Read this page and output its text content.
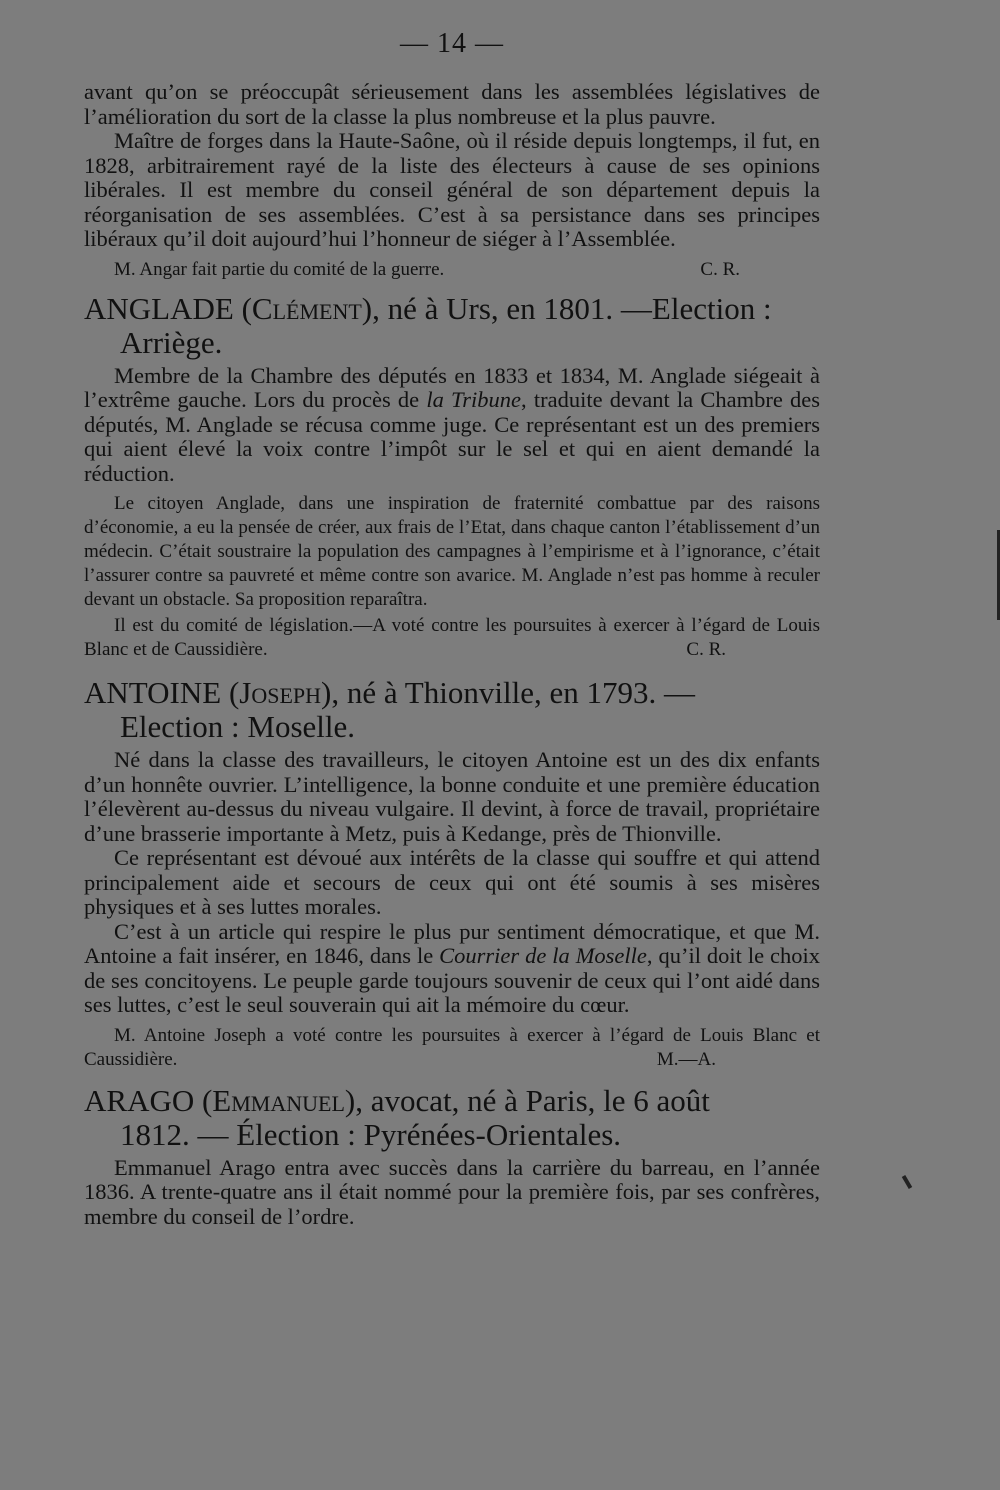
— 14 —

avant qu’on se préoccupât sérieusement dans les assemblées législatives de l’amélioration du sort de la classe la plus nombreuse et la plus pauvre.

Maître de forges dans la Haute-Saône, où il réside depuis longtemps, il fut, en 1828, arbitrairement rayé de la liste des électeurs à cause de ses opinions libérales. Il est membre du conseil général de son département depuis la réorganisation de ses assemblées. C’est à sa persistance dans ses principes libéraux qu’il doit aujourd’hui l’honneur de siéger à l’Assemblée.

M. Angar fait partie du comité de la guerre.	C. R.
ANGLADE (Clément), né à Urs, en 1801. —Election :
Arriège.

Membre de la Chambre des députés en 1833 et 1834, M. Anglade siégeait à l’extrême gauche. Lors du procès de la Tribune, traduite devant la Chambre des députés, M. Anglade se récusa comme juge. Ce représentant est un des premiers qui aient élevé la voix contre l’impôt sur le sel et qui en aient demandé la réduction.

Le citoyen Anglade, dans une inspiration de fraternité combattue par des raisons d’économie, a eu la pensée de créer, aux frais de l’Etat, dans chaque canton l’établissement d’un médecin. C’était soustraire la population des campagnes à l’empirisme et à l’ignorance, c’était l’assurer contre sa pauvreté et même contre son avarice. M. Anglade n’est pas homme à reculer devant un obstacle. Sa proposition reparaîtra.

Il est du comité de législation.—A voté contre les poursuites à exercer à l’égard de Louis Blanc et de Caussidière.	C. R.
ANTOINE (Joseph), né à Thionville, en 1793. —
Election : Moselle.

Né dans la classe des travailleurs, le citoyen Antoine est un des dix enfants d’un honnête ouvrier. L’intelligence, la bonne conduite et une première éducation l’élevèrent au-dessus du niveau vulgaire. Il devint, à force de travail, propriétaire d’une brasserie importante à Metz, puis à Kedange, près de Thionville.

Ce représentant est dévoué aux intérêts de la classe qui souffre et qui attend principalement aide et secours de ceux qui ont été soumis à ses misères physiques et à ses luttes morales.

C’est à un article qui respire le plus pur sentiment démocratique, et que M. Antoine a fait insérer, en 1846, dans le Courrier de la Moselle, qu’il doit le choix de ses concitoyens. Le peuple garde toujours souvenir de ceux qui l’ont aidé dans ses luttes, c’est le seul souverain qui ait la mémoire du cœur.

M. Antoine Joseph a voté contre les poursuites à exercer à l’égard de Louis Blanc et Caussidière.	M.—A.
ARAGO (Emmanuel), avocat, né à Paris, le 6 août
1812. — Élection : Pyrénées-Orientales.

Emmanuel Arago entra avec succès dans la carrière du barreau, en l’année 1836. A trente-quatre ans il était nommé pour la première fois, par ses confrères, membre du conseil de l’ordre.
